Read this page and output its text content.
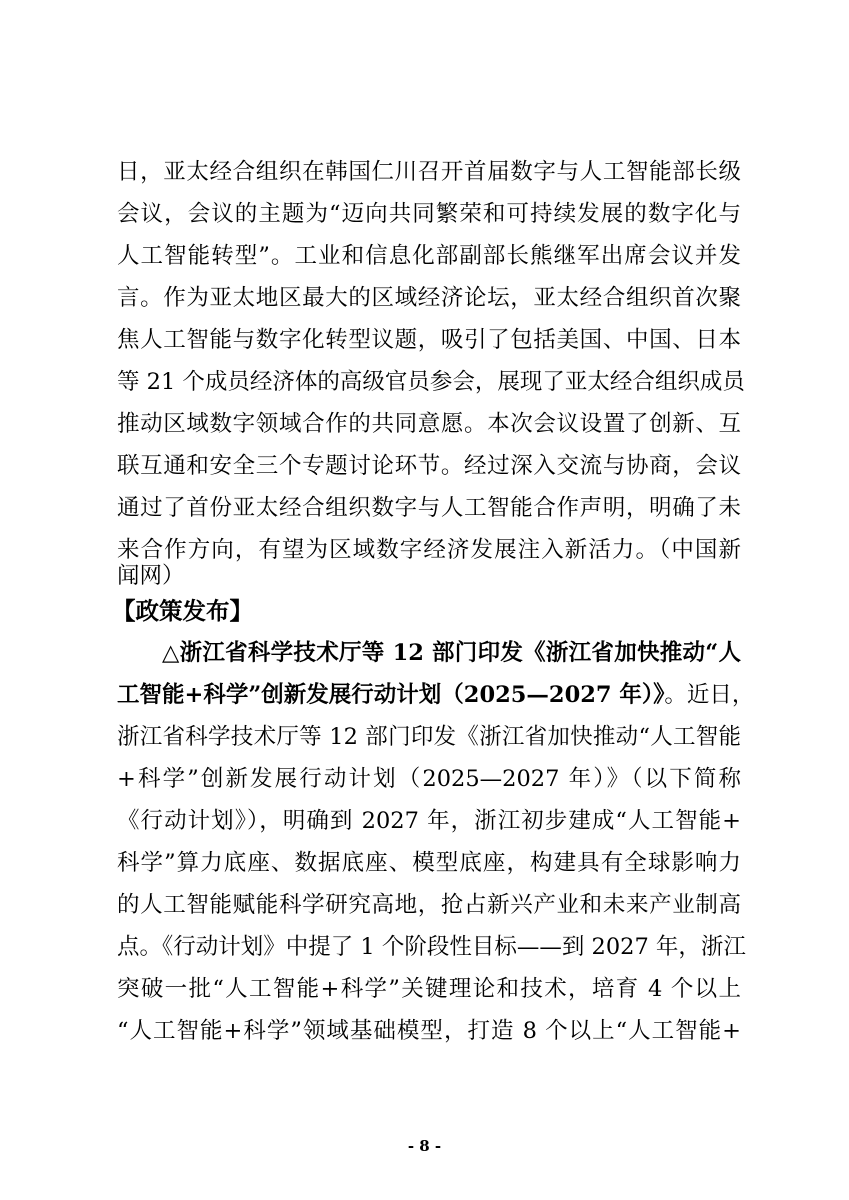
日，亚太经合组织在韩国仁川召开首届数字与人工智能部长级
会议，会议的主题为“迈向共同繁荣和可持续发展的数字化与
人工智能转型”。工业和信息化部副部长熊继军出席会议并发
言。作为亚太地区最大的区域经济论坛，亚太经合组织首次聚
焦人工智能与数字化转型议题，吸引了包括美国、中国、日本
等 21 个成员经济体的高级官员参会，展现了亚太经合组织成员
推动区域数字领域合作的共同意愿。本次会议设置了创新、互
联互通和安全三个专题讨论环节。经过深入交流与协商，会议
通过了首份亚太经合组织数字与人工智能合作声明，明确了未
来合作方向，有望为区域数字经济发展注入新活力。（中国新
闻网）
【政策发布】
△浙江省科学技术厅等 12 部门印发《浙江省加快推动“人
工智能+科学”创新发展行动计划（2025—2027 年）》。近日，
浙江省科学技术厅等 12 部门印发《浙江省加快推动“人工智能
+科学”创新发展行动计划（2025—2027 年）》（以下简称
《行动计划》），明确到 2027 年，浙江初步建成“人工智能+
科学”算力底座、数据底座、模型底座，构建具有全球影响力
的人工智能赋能科学研究高地，抢占新兴产业和未来产业制高
点。《行动计划》中提了 1 个阶段性目标——到 2027 年，浙江
突破一批“人工智能+科学”关键理论和技术，培育 4 个以上
“人工智能+科学”领域基础模型，打造 8 个以上“人工智能+
- 8 -
